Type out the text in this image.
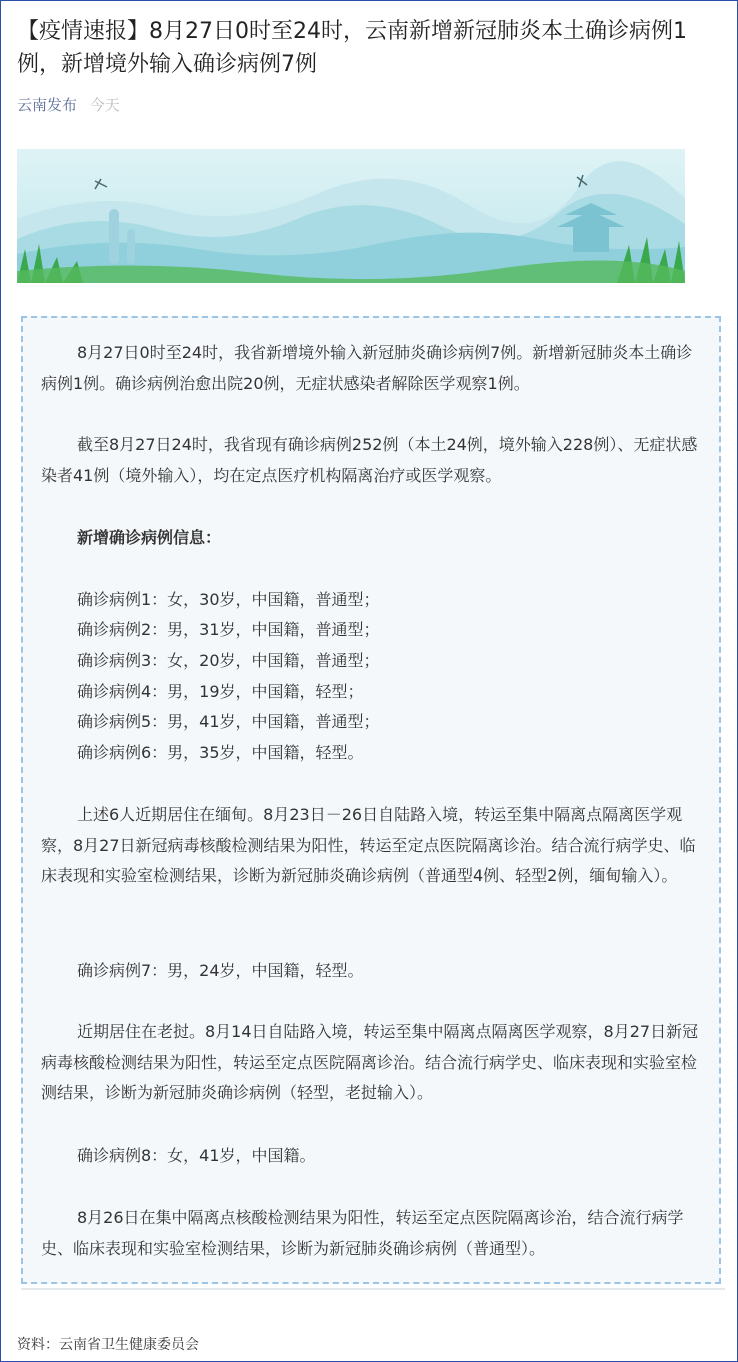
【疫情速报】8月27日0时至24时，云南新增新冠肺炎本土确诊病例1例，新增境外输入确诊病例7例
云南发布 今天

8月27日0时至24时，我省新增境外输入新冠肺炎确诊病例7例。新增新冠肺炎本土确诊病例1例。确诊病例治愈出院20例，无症状感染者解除医学观察1例。

截至8月27日24时，我省现有确诊病例252例（本土24例，境外输入228例）、无症状感染者41例（境外输入），均在定点医疗机构隔离治疗或医学观察。

新增确诊病例信息：

确诊病例1：女，30岁，中国籍，普通型；

确诊病例2：男，31岁，中国籍，普通型；

确诊病例3：女，20岁，中国籍，普通型；

确诊病例4：男，19岁，中国籍，轻型；

确诊病例5：男，41岁，中国籍，普通型；

确诊病例6：男，35岁，中国籍，轻型。

上述6人近期居住在缅甸。8月23日－26日自陆路入境，转运至集中隔离点隔离医学观察，8月27日新冠病毒核酸检测结果为阳性，转运至定点医院隔离诊治。结合流行病学史、临床表现和实验室检测结果，诊断为新冠肺炎确诊病例（普通型4例、轻型2例，缅甸输入）。

确诊病例7：男，24岁，中国籍，轻型。

近期居住在老挝。8月14日自陆路入境，转运至集中隔离点隔离医学观察，8月27日新冠病毒核酸检测结果为阳性，转运至定点医院隔离诊治。结合流行病学史、临床表现和实验室检测结果，诊断为新冠肺炎确诊病例（轻型，老挝输入）。

确诊病例8：女，41岁，中国籍。

8月26日在集中隔离点核酸检测结果为阳性，转运至定点医院隔离诊治，结合流行病学史、临床表现和实验室检测结果，诊断为新冠肺炎确诊病例（普通型）。

资料：云南省卫生健康委员会
